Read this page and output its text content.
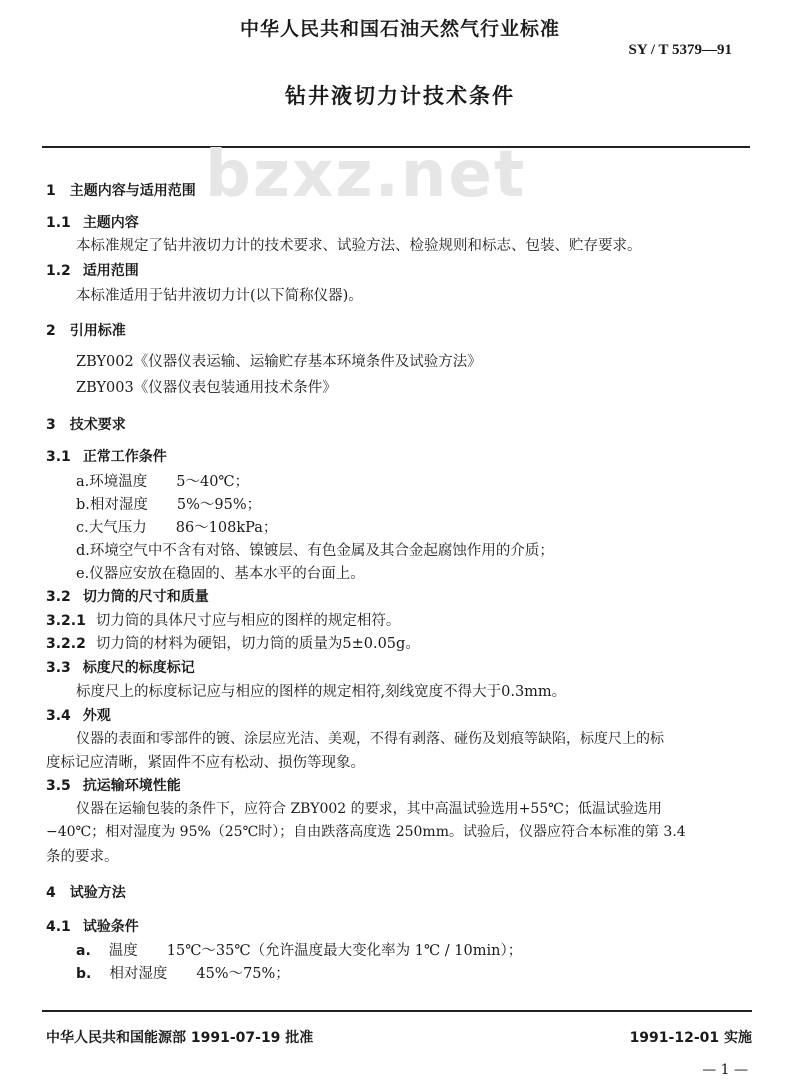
中华人民共和国石油天然气行业标准
SY / T 5379—91
钻井液切力计技术条件
bzxz.net
1 主题内容与适用范围
1.1 主题内容
本标准规定了钻井液切力计的技术要求、试验方法、检验规则和标志、包装、贮存要求。
1.2 适用范围
本标准适用于钻井液切力计(以下简称仪器)。
2 引用标准
ZBY002《仪器仪表运输、运输贮存基本环境条件及试验方法》
ZBY003《仪器仪表包装通用技术条件》
3 技术要求
3.1 正常工作条件
a.环境温度　　5～40℃；
b.相对湿度　　5%～95%；
c.大气压力　　86～108kPa；
d.环境空气中不含有对铬、镍镀层、有色金属及其合金起腐蚀作用的介质；
e.仪器应安放在稳固的、基本水平的台面上。
3.2 切力筒的尺寸和质量
3.2.1 切力筒的具体尺寸应与相应的图样的规定相符。
3.2.2 切力筒的材料为硬铝，切力筒的质量为5±0.05g。
3.3 标度尺的标度标记
标度尺上的标度标记应与相应的图样的规定相符,刻线宽度不得大于0.3mm。
3.4 外观
仪器的表面和零部件的镀、涂层应光洁、美观，不得有剥落、碰伤及划痕等缺陷，标度尺上的标
度标记应清晰，紧固件不应有松动、损伤等现象。
3.5 抗运输环境性能
仪器在运输包装的条件下，应符合 ZBY002 的要求，其中高温试验选用+55℃；低温试验选用
−40℃；相对湿度为 95%（25℃时）；自由跌落高度选 250mm。试验后，仪器应符合本标准的第 3.4
条的要求。
4 试验方法
4.1 试验条件
a. 温度　　15℃～35℃（允许温度最大变化率为 1℃ / 10min）；
b. 相对湿度　　45%～75%；
中华人民共和国能源部 1991-07-19 批准	1991-12-01 实施
— 1 —
